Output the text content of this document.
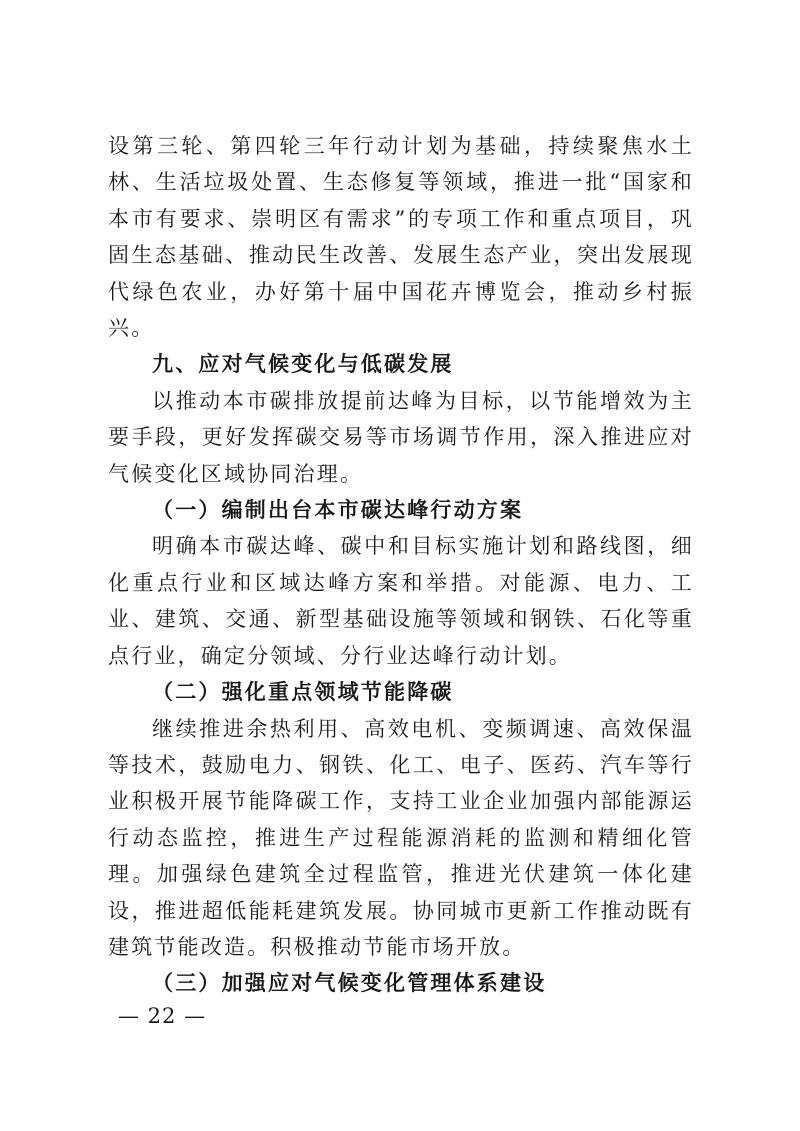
设第三轮、第四轮三年行动计划为基础，持续聚焦水土林、生活垃圾处置、生态修复等领域，推进一批“国家和本市有要求、崇明区有需求”的专项工作和重点项目，巩固生态基础、推动民生改善、发展生态产业，突出发展现代绿色农业，办好第十届中国花卉博览会，推动乡村振兴。

九、应对气候变化与低碳发展

以推动本市碳排放提前达峰为目标，以节能增效为主要手段，更好发挥碳交易等市场调节作用，深入推进应对气候变化区域协同治理。

（一）编制出台本市碳达峰行动方案

明确本市碳达峰、碳中和目标实施计划和路线图，细化重点行业和区域达峰方案和举措。对能源、电力、工业、建筑、交通、新型基础设施等领域和钢铁、石化等重点行业，确定分领域、分行业达峰行动计划。

（二）强化重点领域节能降碳

继续推进余热利用、高效电机、变频调速、高效保温等技术，鼓励电力、钢铁、化工、电子、医药、汽车等行业积极开展节能降碳工作，支持工业企业加强内部能源运行动态监控，推进生产过程能源消耗的监测和精细化管理。加强绿色建筑全过程监管，推进光伏建筑一体化建设，推进超低能耗建筑发展。协同城市更新工作推动既有建筑节能改造。积极推动节能市场开放。

（三）加强应对气候变化管理体系建设

— 22 —
